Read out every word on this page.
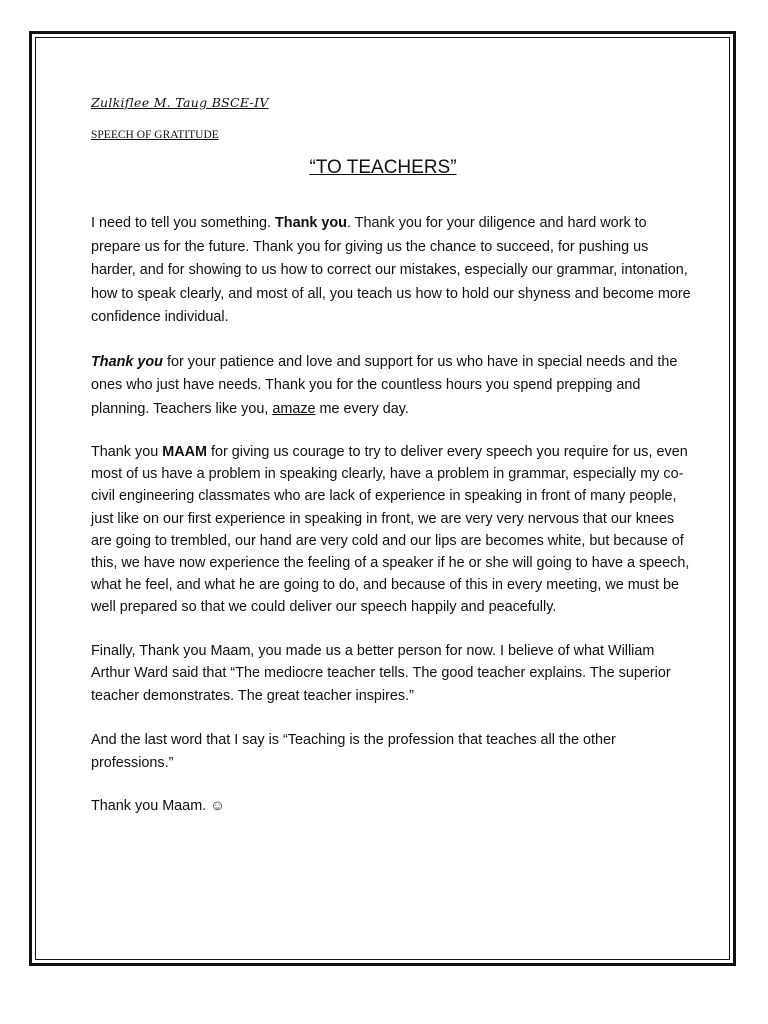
Zulkiflee M. Taug BSCE-IV
SPEECH OF GRATITUDE
“TO TEACHERS”

I need to tell you something. Thank you. Thank you for your diligence and hard work to prepare us for the future. Thank you for giving us the chance to succeed, for pushing us harder, and for showing to us how to correct our mistakes, especially our grammar, intonation, how to speak clearly, and most of all, you teach us how to hold our shyness and become more confidence individual.

Thank you for your patience and love and support for us who have in special needs and the ones who just have needs. Thank you for the countless hours you spend prepping and planning. Teachers like you, amaze me every day.

Thank you MAAM for giving us courage to try to deliver every speech you require for us, even most of us have a problem in speaking clearly, have a problem in grammar, especially my co-civil engineering classmates who are lack of experience in speaking in front of many people, just like on our first experience in speaking in front, we are very very nervous that our knees are going to trembled, our hand are very cold and our lips are becomes white, but because of this, we have now experience the feeling of a speaker if he or she will going to have a speech, what he feel, and what he are going to do, and because of this in every meeting, we must be well prepared so that we could deliver our speech happily and peacefully.

Finally, Thank you Maam, you made us a better person for now. I believe of what William Arthur Ward said that “The mediocre teacher tells. The good teacher explains. The superior teacher demonstrates. The great teacher inspires.”

And the last word that I say is “Teaching is the profession that teaches all the other professions.”

Thank you Maam. ☺
